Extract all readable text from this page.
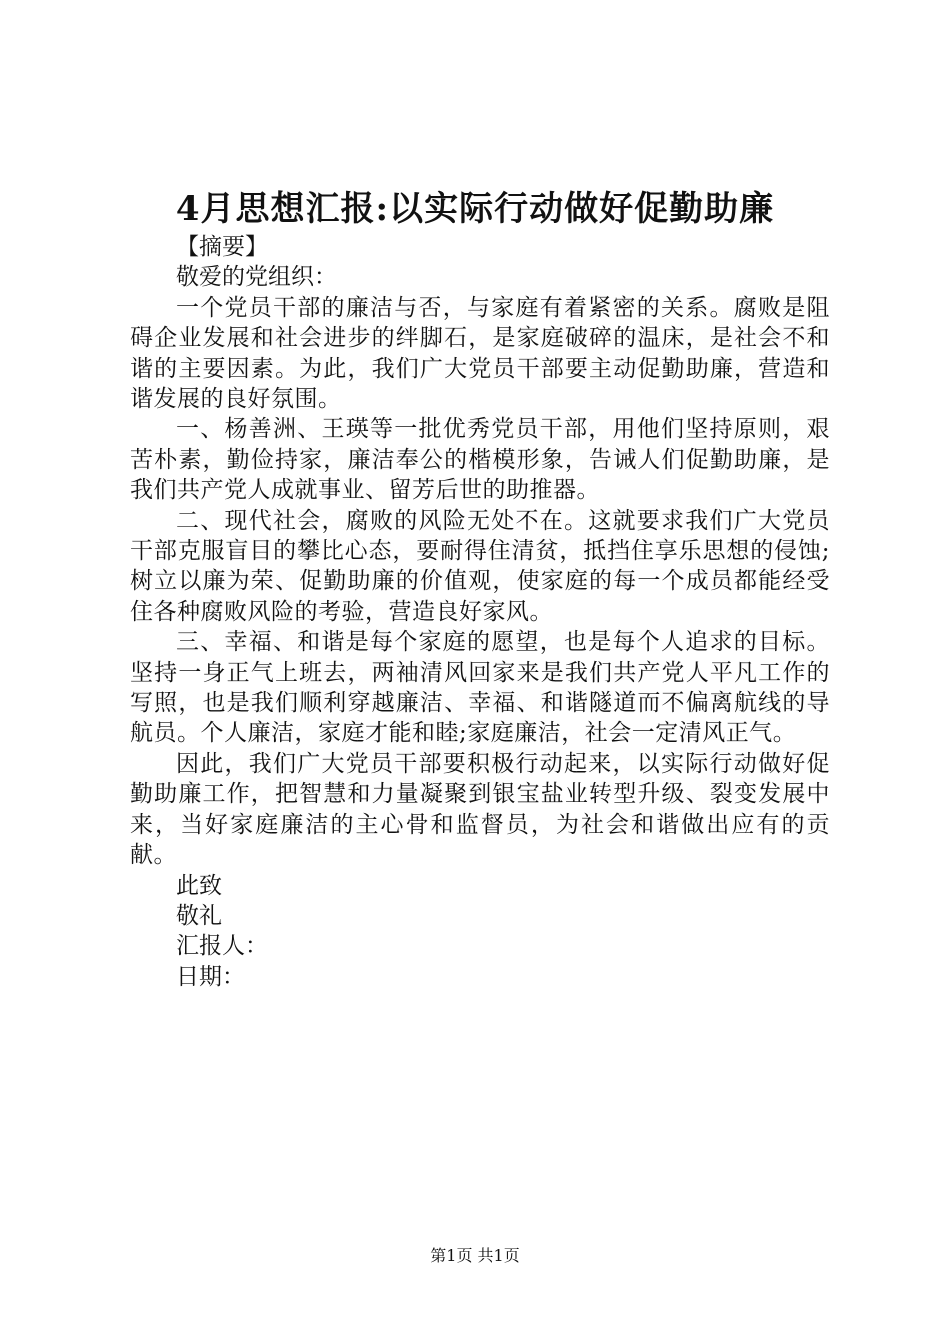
4月思想汇报:以实际行动做好促勤助廉
【摘要】
敬爱的党组织：

一个党员干部的廉洁与否，与家庭有着紧密的关系。腐败是阻碍企业发展和社会进步的绊脚石，是家庭破碎的温床，是社会不和谐的主要因素。为此，我们广大党员干部要主动促勤助廉，营造和谐发展的良好氛围。

一、杨善洲、王瑛等一批优秀党员干部，用他们坚持原则，艰苦朴素，勤俭持家，廉洁奉公的楷模形象，告诫人们促勤助廉，是我们共产党人成就事业、留芳后世的助推器。

二、现代社会，腐败的风险无处不在。这就要求我们广大党员干部克服盲目的攀比心态，要耐得住清贫，抵挡住享乐思想的侵蚀;树立以廉为荣、促勤助廉的价值观，使家庭的每一个成员都能经受住各种腐败风险的考验，营造良好家风。

三、幸福、和谐是每个家庭的愿望，也是每个人追求的目标。坚持一身正气上班去，两袖清风回家来是我们共产党人平凡工作的写照，也是我们顺利穿越廉洁、幸福、和谐隧道而不偏离航线的导航员。个人廉洁，家庭才能和睦;家庭廉洁，社会一定清风正气。

因此，我们广大党员干部要积极行动起来，以实际行动做好促勤助廉工作，把智慧和力量凝聚到银宝盐业转型升级、裂变发展中来，当好家庭廉洁的主心骨和监督员，为社会和谐做出应有的贡献。

此致
敬礼
汇报人：
日期：
第1页 共1页
